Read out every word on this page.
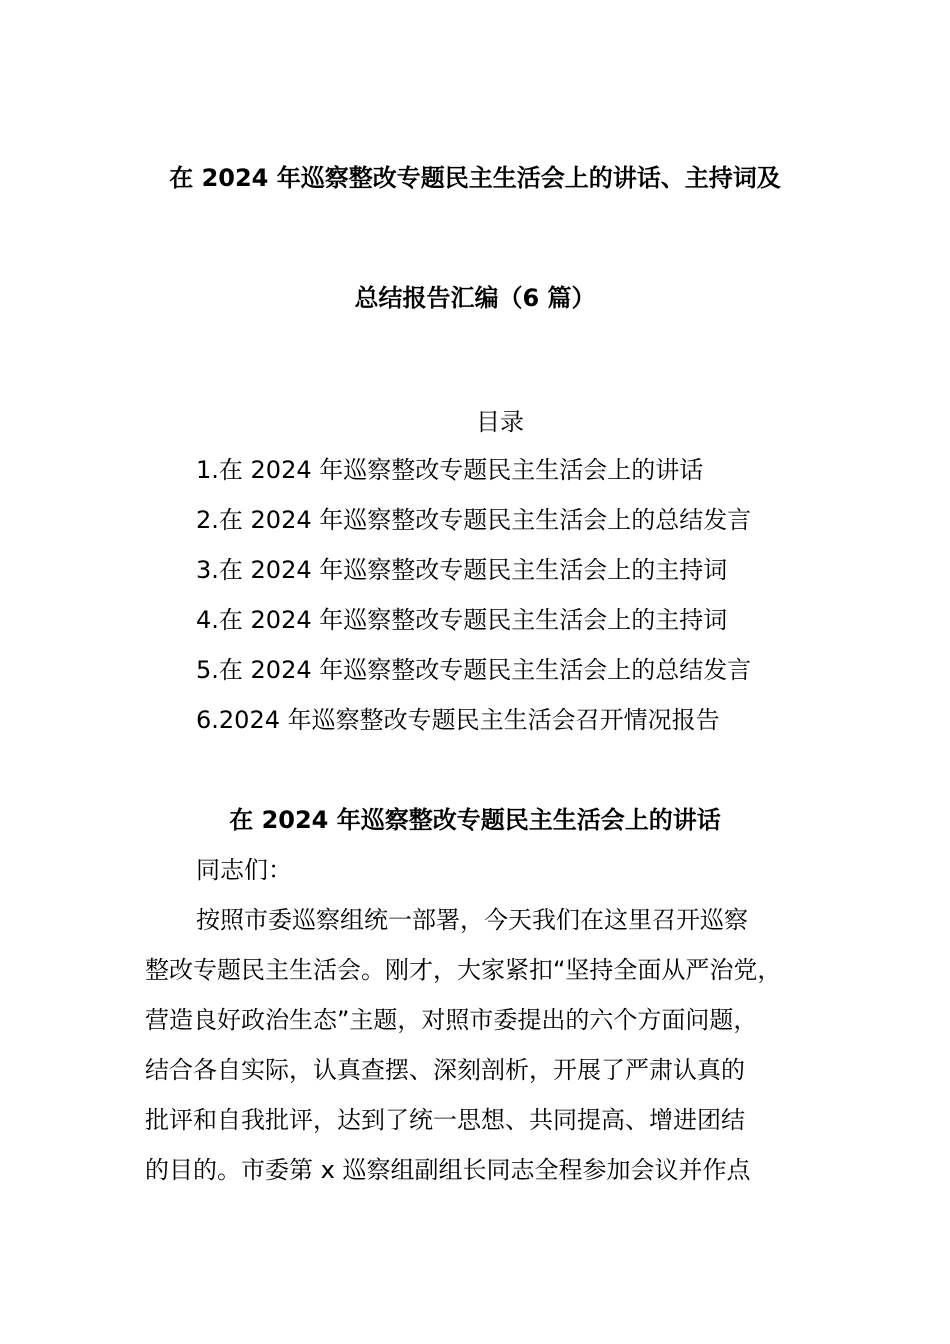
在 2024 年巡察整改专题民主生活会上的讲话、主持词及
总结报告汇编（6 篇）
目录
1.在 2024 年巡察整改专题民主生活会上的讲话
2.在 2024 年巡察整改专题民主生活会上的总结发言
3.在 2024 年巡察整改专题民主生活会上的主持词
4.在 2024 年巡察整改专题民主生活会上的主持词
5.在 2024 年巡察整改专题民主生活会上的总结发言
6.2024 年巡察整改专题民主生活会召开情况报告
在 2024 年巡察整改专题民主生活会上的讲话
同志们：
按照市委巡察组统一部署，今天我们在这里召开巡察
整改专题民主生活会。刚才，大家紧扣“坚持全面从严治党，
营造良好政治生态”主题，对照市委提出的六个方面问题，
结合各自实际，认真查摆、深刻剖析，开展了严肃认真的
批评和自我批评，达到了统一思想、共同提高、增进团结
的目的。市委第 x 巡察组副组长同志全程参加会议并作点
